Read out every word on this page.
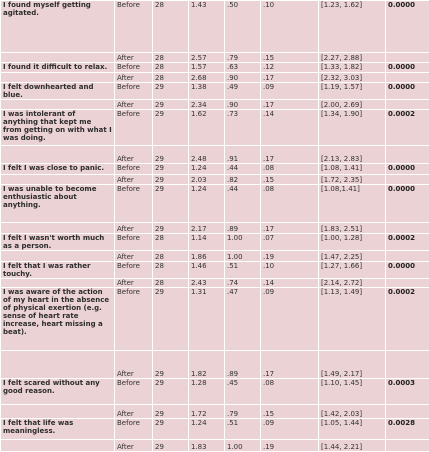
I found myself getting agitated.	Before	28	1.43	.50	.10	[1.23, 1.62]	0.0000
	After	28	2.57	.79	.15	[2.27, 2.88]	
I found it difficult to relax.	Before	28	1.57	.63	.12	[1.33, 1.82]	0.0000
	After	28	2.68	.90	.17	[2.32, 3.03]	
I felt downhearted and blue.	Before	29	1.38	.49	.09	[1.19, 1.57]	0.0000
	After	29	2.34	.90	.17	[2.00, 2.69]	
I was intolerant of anything that kept me from getting on with what I was doing.	Before	29	1.62	.73	.14	[1.34, 1.90]	0.0002
	After	29	2.48	.91	.17	[2.13, 2.83]	
I felt I was close to panic.	Before	29	1.24	.44	.08	[1.08, 1.41]	0.0000
	After	29	2.03	.82	.15	[1.72, 2.35]	
I was unable to become enthusiastic about anything.	Before	29	1.24	.44	.08	[1.08,1.41]	0.0000
	After	29	2.17	.89	.17	[1.83, 2.51]	
I felt I wasn't worth much as a person.	Before	28	1.14	1.00	.07	[1.00, 1.28]	0.0002
	After	28	1.86	1.00	.19	[1.47, 2.25]	
I felt that I was rather touchy.	Before	28	1.46	.51	.10	[1.27, 1.66]	0.0000
	After	28	2.43	.74	.14	[2.14, 2.72]	
I was aware of the action of my heart in the absence of physical exertion (e.g. sense of heart rate increase, heart missing a beat).	Before	29	1.31	.47	.09	[1.13, 1.49]	0.0002
	After	29	1.82	.89	.17	[1.49, 2.17]	
I felt scared without any good reason.	Before	29	1.28	.45	.08	[1.10, 1.45]	0.0003
	After	29	1.72	.79	.15	[1.42, 2.03]	
I felt that life was meaningless.	Before	29	1.24	.51	.09	[1.05, 1.44]	0.0028
	After	29	1.83	1.00	.19	[1.44, 2.21]	
